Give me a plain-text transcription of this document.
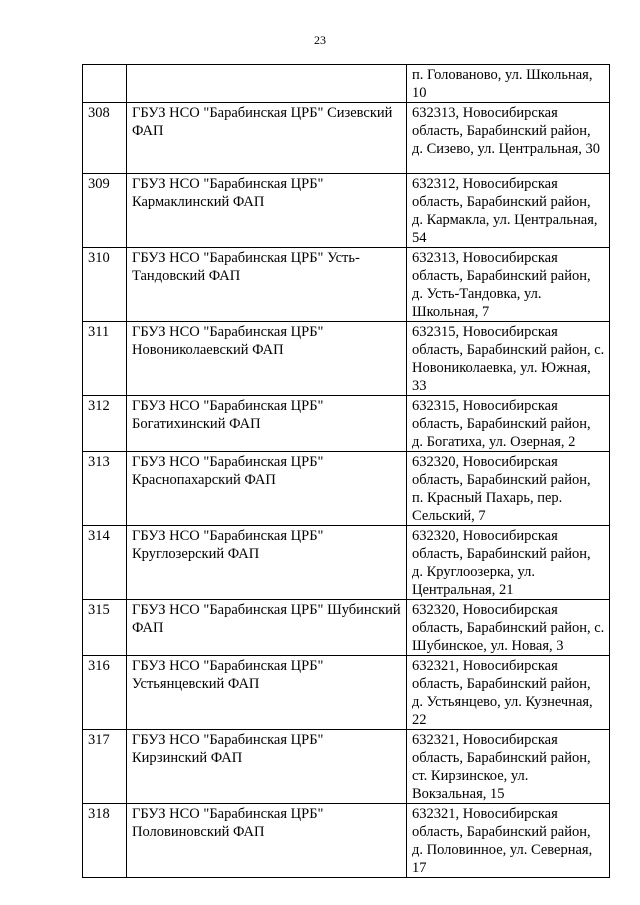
23
		п. Голованово, ул. Школьная, 10
308	ГБУЗ НСО "Барабинская ЦРБ" Сизевский ФАП	632313, Новосибирская область, Барабинский район, д. Сизево, ул. Центральная, 30
309	ГБУЗ НСО "Барабинская ЦРБ" Кармаклинский ФАП	632312, Новосибирская область, Барабинский район, д. Кармакла, ул. Центральная, 54
310	ГБУЗ НСО "Барабинская ЦРБ" Усть-Тандовский ФАП	632313, Новосибирская область, Барабинский район, д. Усть-Тандовка, ул. Школьная, 7
311	ГБУЗ НСО "Барабинская ЦРБ" Новониколаевский ФАП	632315, Новосибирская область, Барабинский район, с. Новониколаевка, ул. Южная, 33
312	ГБУЗ НСО "Барабинская ЦРБ" Богатихинский ФАП	632315, Новосибирская область, Барабинский район, д. Богатиха, ул. Озерная, 2
313	ГБУЗ НСО "Барабинская ЦРБ" Краснопахарский ФАП	632320, Новосибирская область, Барабинский район, п. Красный Пахарь, пер. Сельский, 7
314	ГБУЗ НСО "Барабинская ЦРБ" Круглозерский ФАП	632320, Новосибирская область, Барабинский район, д. Круглоозерка, ул. Центральная, 21
315	ГБУЗ НСО "Барабинская ЦРБ" Шубинский ФАП	632320, Новосибирская область, Барабинский район, с. Шубинское, ул. Новая, 3
316	ГБУЗ НСО "Барабинская ЦРБ" Устьянцевский ФАП	632321, Новосибирская область, Барабинский район, д. Устьянцево, ул. Кузнечная, 22
317	ГБУЗ НСО "Барабинская ЦРБ" Кирзинский ФАП	632321, Новосибирская область, Барабинский район, ст. Кирзинское, ул. Вокзальная, 15
318	ГБУЗ НСО "Барабинская ЦРБ" Половиновский ФАП	632321, Новосибирская область, Барабинский район, д. Половинное, ул. Северная, 17
